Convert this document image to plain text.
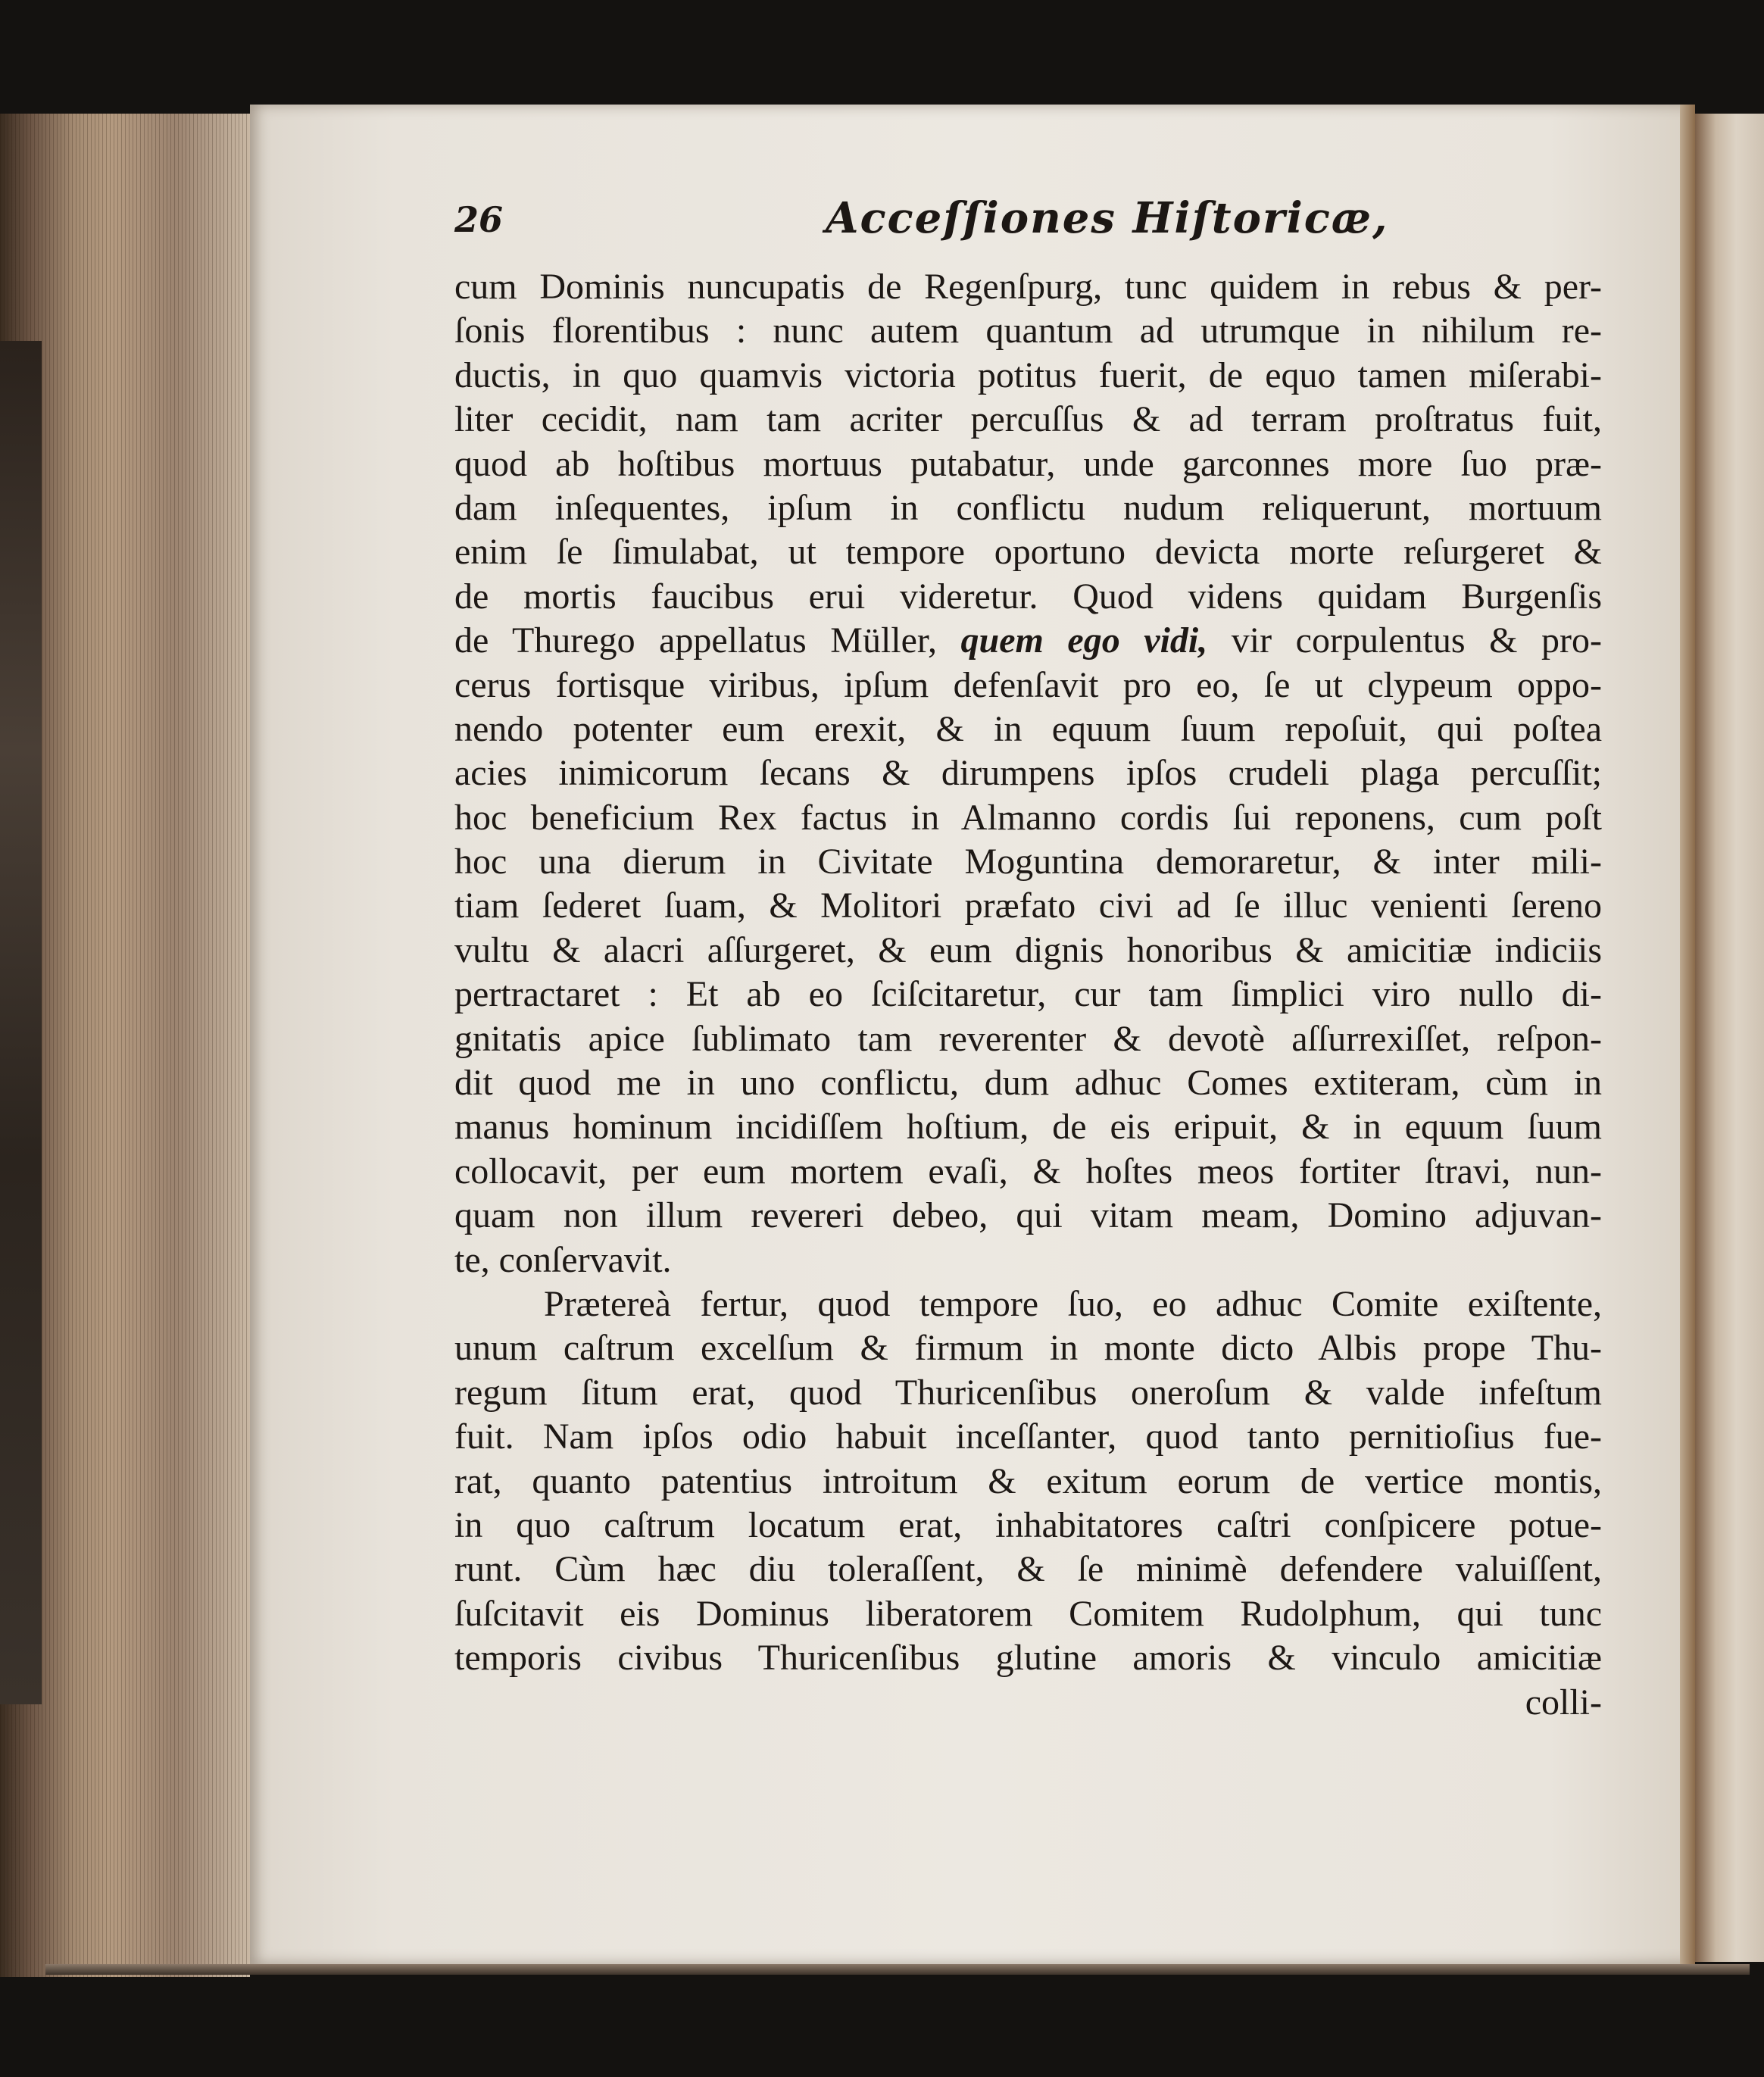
26	Acceſſiones Hiſtoricæ,
cum Dominis nuncupatis de Regenſpurg, tunc quidem in rebus & per-
ſonis florentibus : nunc autem quantum ad utrumque in nihilum re-
ductis, in quo quamvis victoria potitus fuerit, de equo tamen miſerabi-
liter cecidit, nam tam acriter percuſſus & ad terram proſtratus fuit,
quod ab hoſtibus mortuus putabatur, unde garconnes more ſuo præ-
dam inſequentes, ipſum in conflictu nudum reliquerunt, mortuum
enim ſe ſimulabat, ut tempore oportuno devicta morte reſurgeret &
de mortis faucibus erui videretur. Quod videns quidam Burgenſis
de Thurego appellatus Müller, quem ego vidi, vir corpulentus & pro-
cerus fortisque viribus, ipſum defenſavit pro eo, ſe ut clypeum oppo-
nendo potenter eum erexit, & in equum ſuum repoſuit, qui poſtea
acies inimicorum ſecans & dirumpens ipſos crudeli plaga percuſſit;
hoc beneficium Rex factus in Almanno cordis ſui reponens, cum poſt
hoc una dierum in Civitate Moguntina demoraretur, & inter mili-
tiam ſederet ſuam, & Molitori præfato civi ad ſe illuc venienti ſereno
vultu & alacri aſſurgeret, & eum dignis honoribus & amicitiæ indiciis
pertractaret : Et ab eo ſciſcitaretur, cur tam ſimplici viro nullo di-
gnitatis apice ſublimato tam reverenter & devotè aſſurrexiſſet, reſpon-
dit quod me in uno conflictu, dum adhuc Comes extiteram, cùm in
manus hominum incidiſſem hoſtium, de eis eripuit, & in equum ſuum
collocavit, per eum mortem evaſi, & hoſtes meos fortiter ſtravi, nun-
quam non illum revereri debeo, qui vitam meam, Domino adjuvan-
te, conſervavit.
Prætereà fertur, quod tempore ſuo, eo adhuc Comite exiſtente,
unum caſtrum excelſum & firmum in monte dicto Albis prope Thu-
regum ſitum erat, quod Thuricenſibus oneroſum & valde infeſtum
fuit. Nam ipſos odio habuit inceſſanter, quod tanto pernitioſius fue-
rat, quanto patentius introitum & exitum eorum de vertice montis,
in quo caſtrum locatum erat, inhabitatores caſtri conſpicere potue-
runt. Cùm hæc diu toleraſſent, & ſe minimè defendere valuiſſent,
ſuſcitavit eis Dominus liberatorem Comitem Rudolphum, qui tunc
temporis civibus Thuricenſibus glutine amoris & vinculo amicitiæ
colli-
